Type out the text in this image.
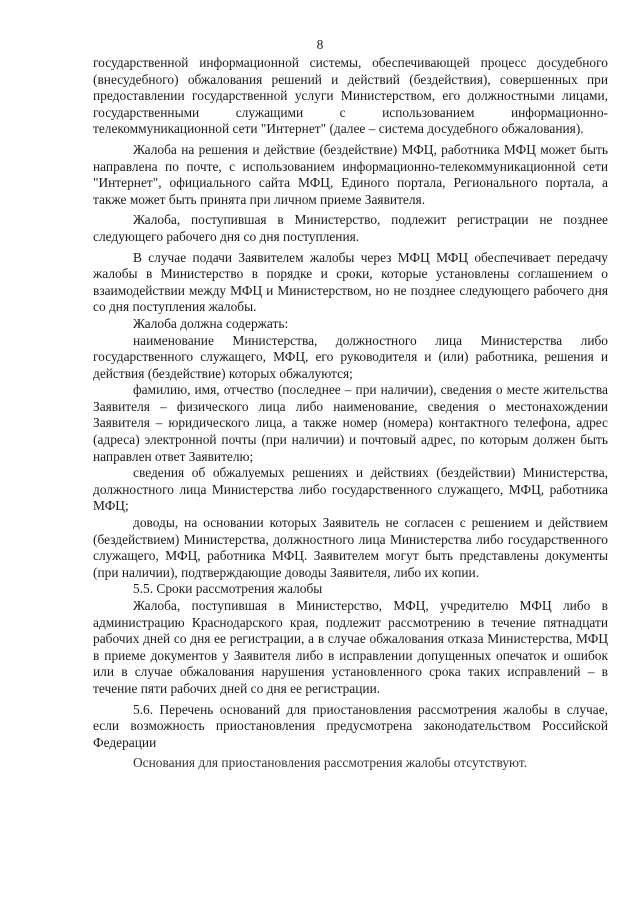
8

государственной информационной системы, обеспечивающей процесс досудебного (внесудебного) обжалования решений и действий (бездействия), совершенных при предоставлении государственной услуги Министерством, его должностными лицами, государственными служащими с использованием информационно-телекоммуникационной сети "Интернет" (далее – система досудебного обжалования).

Жалоба на решения и действие (бездействие) МФЦ, работника МФЦ может быть направлена по почте, с использованием информационно-телекоммуникационной сети "Интернет", официального сайта МФЦ, Единого портала, Регионального портала, а также может быть принята при личном приеме Заявителя.

Жалоба, поступившая в Министерство, подлежит регистрации не позднее следующего рабочего дня со дня поступления.

В случае подачи Заявителем жалобы через МФЦ МФЦ обеспечивает передачу жалобы в Министерство в порядке и сроки, которые установлены соглашением о взаимодействии между МФЦ и Министерством, но не позднее следующего рабочего дня со дня поступления жалобы.

Жалоба должна содержать:

наименование Министерства, должностного лица Министерства либо государственного служащего, МФЦ, его руководителя и (или) работника, решения и действия (бездействие) которых обжалуются;

фамилию, имя, отчество (последнее – при наличии), сведения о месте жительства Заявителя – физического лица либо наименование, сведения о местонахождении Заявителя – юридического лица, а также номер (номера) контактного телефона, адрес (адреса) электронной почты (при наличии) и почтовый адрес, по которым должен быть направлен ответ Заявителю;

сведения об обжалуемых решениях и действиях (бездействии) Министерства, должностного лица Министерства либо государственного служащего, МФЦ, работника МФЦ;

доводы, на основании которых Заявитель не согласен с решением и действием (бездействием) Министерства, должностного лица Министерства либо государственного служащего, МФЦ, работника МФЦ. Заявителем могут быть представлены документы (при наличии), подтверждающие доводы Заявителя, либо их копии.

5.5. Сроки рассмотрения жалобы

Жалоба, поступившая в Министерство, МФЦ, учредителю МФЦ либо в администрацию Краснодарского края, подлежит рассмотрению в течение пятнадцати рабочих дней со дня ее регистрации, а в случае обжалования отказа Министерства, МФЦ в приеме документов у Заявителя либо в исправлении допущенных опечаток и ошибок или в случае обжалования нарушения установленного срока таких исправлений – в течение пяти рабочих дней со дня ее регистрации.

5.6. Перечень оснований для приостановления рассмотрения жалобы в случае, если возможность приостановления предусмотрена законодательством Российской Федерации

Основания для приостановления рассмотрения жалобы отсутствуют.
